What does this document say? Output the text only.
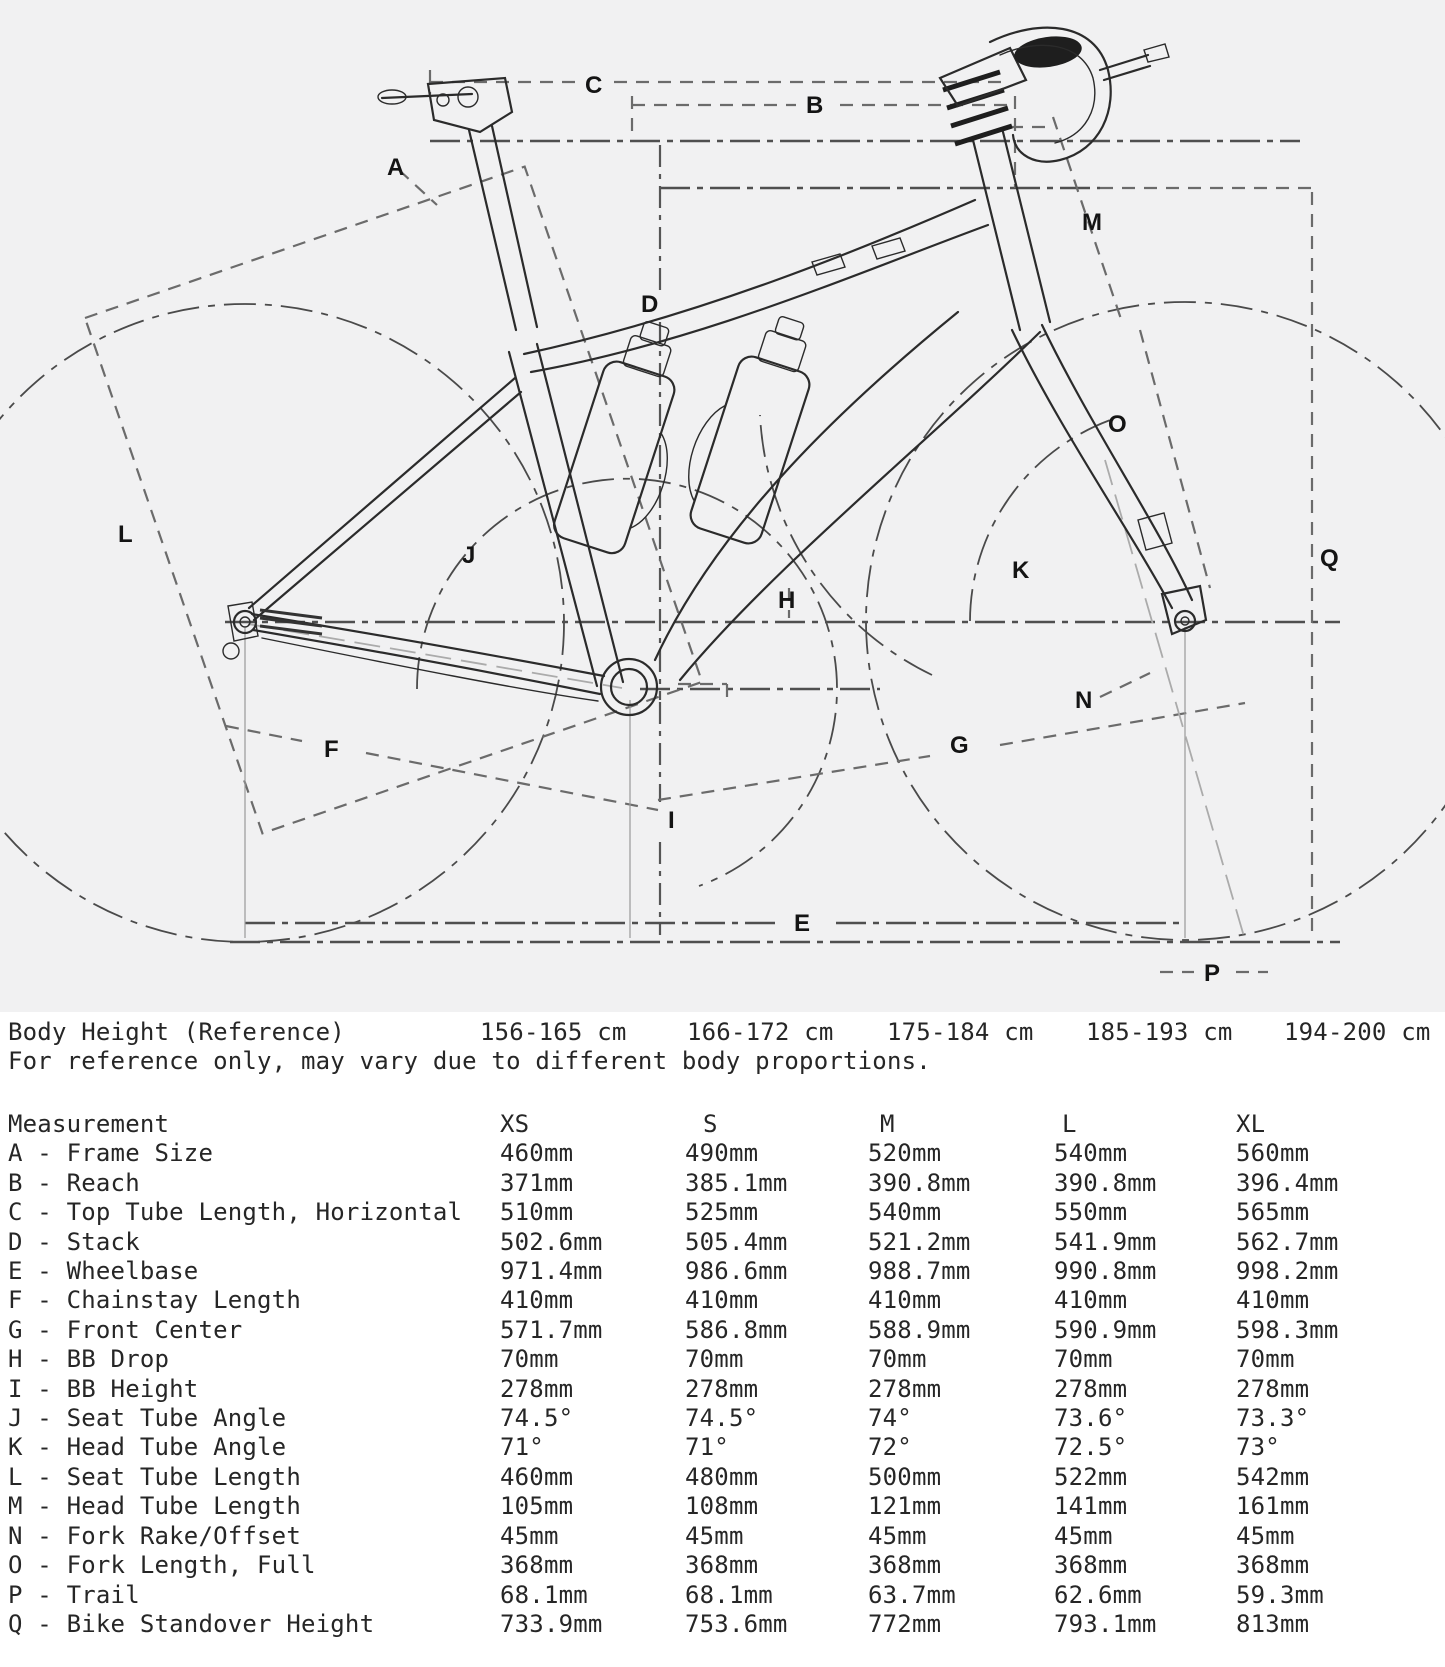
A
B
C
D
E
F	G
H
I
J
K
L
M
N
O
P
Q
Body Height (Reference)	156-165 cm	166-172 cm	175-184 cm	185-193 cm	194-200 cm
For reference only, may vary due to different body proportions.
Measurement	XS	S	M	L	XL
A - Frame Size	460mm	490mm	520mm	540mm	560mm
B - Reach	371mm	385.1mm	390.8mm	390.8mm	396.4mm
C - Top Tube Length, Horizontal	510mm	525mm	540mm	550mm	565mm
D - Stack	502.6mm	505.4mm	521.2mm	541.9mm	562.7mm
E - Wheelbase	971.4mm	986.6mm	988.7mm	990.8mm	998.2mm
F - Chainstay Length	410mm	410mm	410mm	410mm	410mm
G - Front Center	571.7mm	586.8mm	588.9mm	590.9mm	598.3mm
H - BB Drop	70mm	70mm	70mm	70mm	70mm
I - BB Height	278mm	278mm	278mm	278mm	278mm
J - Seat Tube Angle	74.5°	74.5°	74°	73.6°	73.3°
K - Head Tube Angle	71°	71°	72°	72.5°	73°
L - Seat Tube Length	460mm	480mm	500mm	522mm	542mm
M - Head Tube Length	105mm	108mm	121mm	141mm	161mm
N - Fork Rake/Offset	45mm	45mm	45mm	45mm	45mm
O - Fork Length, Full	368mm	368mm	368mm	368mm	368mm
P - Trail	68.1mm	68.1mm	63.7mm	62.6mm	59.3mm
Q - Bike Standover Height	733.9mm	753.6mm	772mm	793.1mm	813mm
